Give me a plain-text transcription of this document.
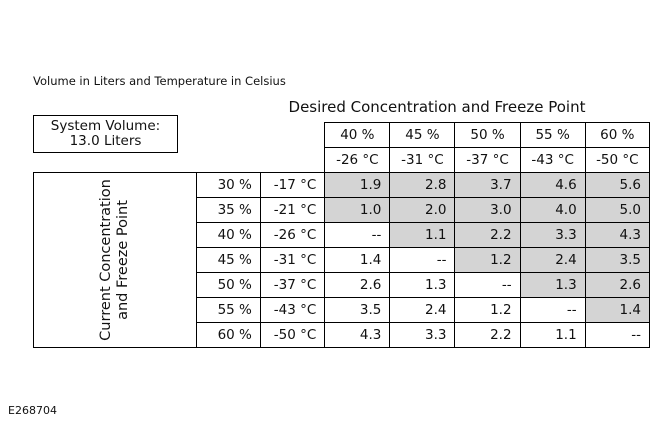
Volume in Liters and Temperature in Celsius
Desired Concentration and Freeze Point
			40 %	45 %	50 %	55 %	60 %
			-26 °C	-31 °C	-37 °C	-43 °C	-50 °C

Current Concentration and Freeze Point	30 %	-17 °C	1.9	2.8	3.7	4.6	5.6
	35 %	-21 °C	1.0	2.0	3.0	4.0	5.0
	40 %	-26 °C	--	1.1	2.2	3.3	4.3
	45 %	-31 °C	1.4	--	1.2	2.4	3.5
	50 %	-37 °C	2.6	1.3	--	1.3	2.6
	55 %	-43 °C	3.5	2.4	1.2	--	1.4
	60 %	-50 °C	4.3	3.3	2.2	1.1	--
System Volume:
13.0 Liters
E268704
